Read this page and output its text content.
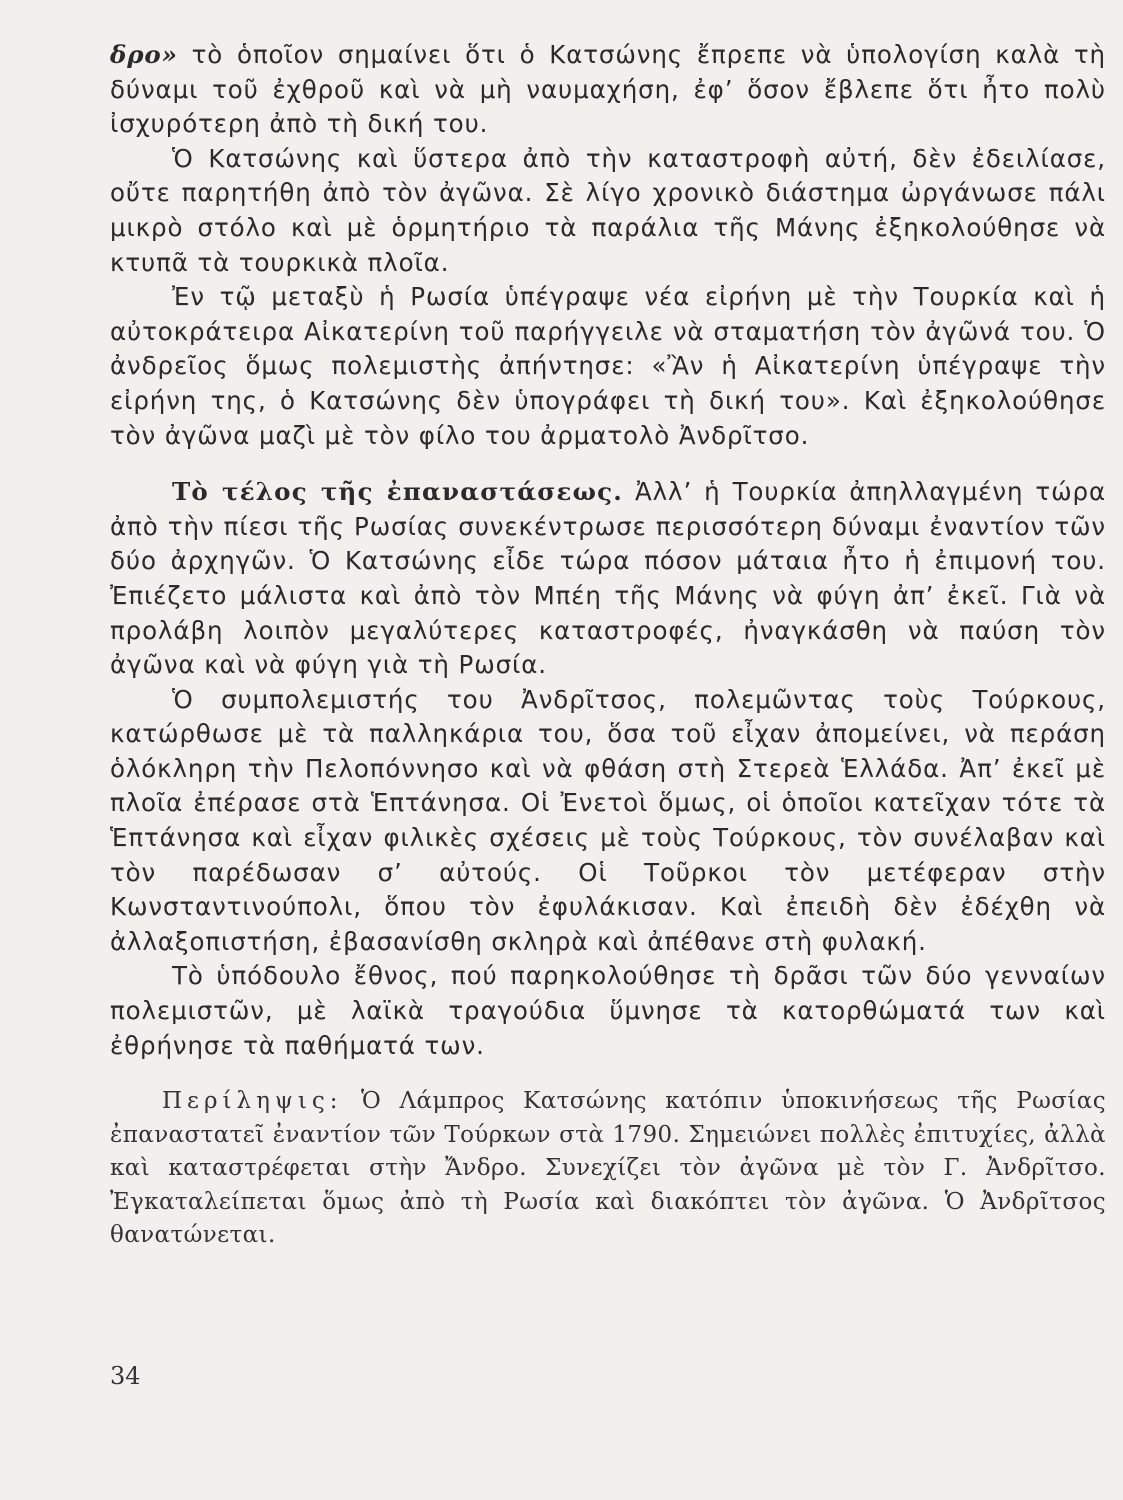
δρο» τὸ ὁποῖον σημαίνει ὅτι ὁ Κατσώνης ἔπρεπε νὰ ὑπολογίση καλὰ τὴ δύναμι τοῦ ἐχθροῦ καὶ νὰ μὴ ναυμαχήση, ἐφ’ ὅσον ἔβλεπε ὅτι ἦτο πολὺ ἰσχυρότερη ἀπὸ τὴ δική του.

Ὁ Κατσώνης καὶ ὕστερα ἀπὸ τὴν καταστροφὴ αὐτή, δὲν ἐδειλίασε, οὔτε παρητήθη ἀπὸ τὸν ἀγῶνα. Σὲ λίγο χρονικὸ διάστημα ὠργάνωσε πάλι μικρὸ στόλο καὶ μὲ ὁρμητήριο τὰ παράλια τῆς Μάνης ἐξηκολούθησε νὰ κτυπᾶ τὰ τουρκικὰ πλοῖα.

Ἐν τῷ μεταξὺ ἡ Ρωσία ὑπέγραψε νέα εἰρήνη μὲ τὴν Τουρκία καὶ ἡ αὐτοκράτειρα Αἰκατερίνη τοῦ παρήγγειλε νὰ σταματήση τὸν ἀγῶνά του. Ὁ ἀνδρεῖος ὅμως πολεμιστὴς ἀπήντησε: «Ἂν ἡ Αἰκατερίνη ὑπέγραψε τὴν εἰρήνη της, ὁ Κατσώνης δὲν ὑπογράφει τὴ δική του». Καὶ ἐξηκολούθησε τὸν ἀγῶνα μαζὶ μὲ τὸν φίλο του ἀρματολὸ Ἀνδρῖτσο.

Τὸ τέλος τῆς ἐπαναστάσεως. Ἀλλ’ ἡ Τουρκία ἀπηλλαγμένη τώρα ἀπὸ τὴν πίεσι τῆς Ρωσίας συνεκέντρωσε περισσότερη δύναμι ἐναντίον τῶν δύο ἀρχηγῶν. Ὁ Κατσώνης εἶδε τώρα πόσον μάταια ἦτο ἡ ἐπιμονή του. Ἐπιέζετο μάλιστα καὶ ἀπὸ τὸν Μπέη τῆς Μάνης νὰ φύγη ἀπ’ ἐκεῖ. Γιὰ νὰ προλάβη λοιπὸν μεγαλύτερες καταστροφές, ἠναγκάσθη νὰ παύση τὸν ἀγῶνα καὶ νὰ φύγη γιὰ τὴ Ρωσία.

Ὁ συμπολεμιστής του Ἀνδρῖτσος, πολεμῶντας τοὺς Τούρκους, κατώρθωσε μὲ τὰ παλληκάρια του, ὅσα τοῦ εἶχαν ἀπομείνει, νὰ περάση ὁλόκληρη τὴν Πελοπόννησο καὶ νὰ φθάση στὴ Στερεὰ Ἑλλάδα. Ἀπ’ ἐκεῖ μὲ πλοῖα ἐπέρασε στὰ Ἑπτάνησα. Οἱ Ἐνετοὶ ὅμως, οἱ ὁποῖοι κατεῖχαν τότε τὰ Ἑπτάνησα καὶ εἶχαν φιλικὲς σχέσεις μὲ τοὺς Τούρκους, τὸν συνέλαβαν καὶ τὸν παρέδωσαν σ’ αὐτούς. Οἱ Τοῦρκοι τὸν μετέφεραν στὴν Κωνσταντινούπολι, ὅπου τὸν ἐφυλάκισαν. Καὶ ἐπειδὴ δὲν ἐδέχθη νὰ ἀλλαξοπιστήση, ἐβασανίσθη σκληρὰ καὶ ἀπέθανε στὴ φυλακή.

Τὸ ὑπόδουλο ἔθνος, πού παρηκολούθησε τὴ δρᾶσι τῶν δύο γενναίων πολεμιστῶν, μὲ λαϊκὰ τραγούδια ὕμνησε τὰ κατορθώματά των καὶ ἐθρήνησε τὰ παθήματά των.

Περίληψις: Ὁ Λάμπρος Κατσώνης κατόπιν ὑποκινήσεως τῆς Ρωσίας ἐπαναστατεῖ ἐναντίον τῶν Τούρκων στὰ 1790. Σημειώνει πολλὲς ἐπιτυχίες, ἀλλὰ καὶ καταστρέφεται στὴν Ἄνδρο. Συνεχίζει τὸν ἀγῶνα μὲ τὸν Γ. Ἀνδρῖτσο. Ἐγκαταλείπεται ὅμως ἀπὸ τὴ Ρωσία καὶ διακόπτει τὸν ἀγῶνα. Ὁ Ἀνδρῖτσος θανατώνεται.

34
